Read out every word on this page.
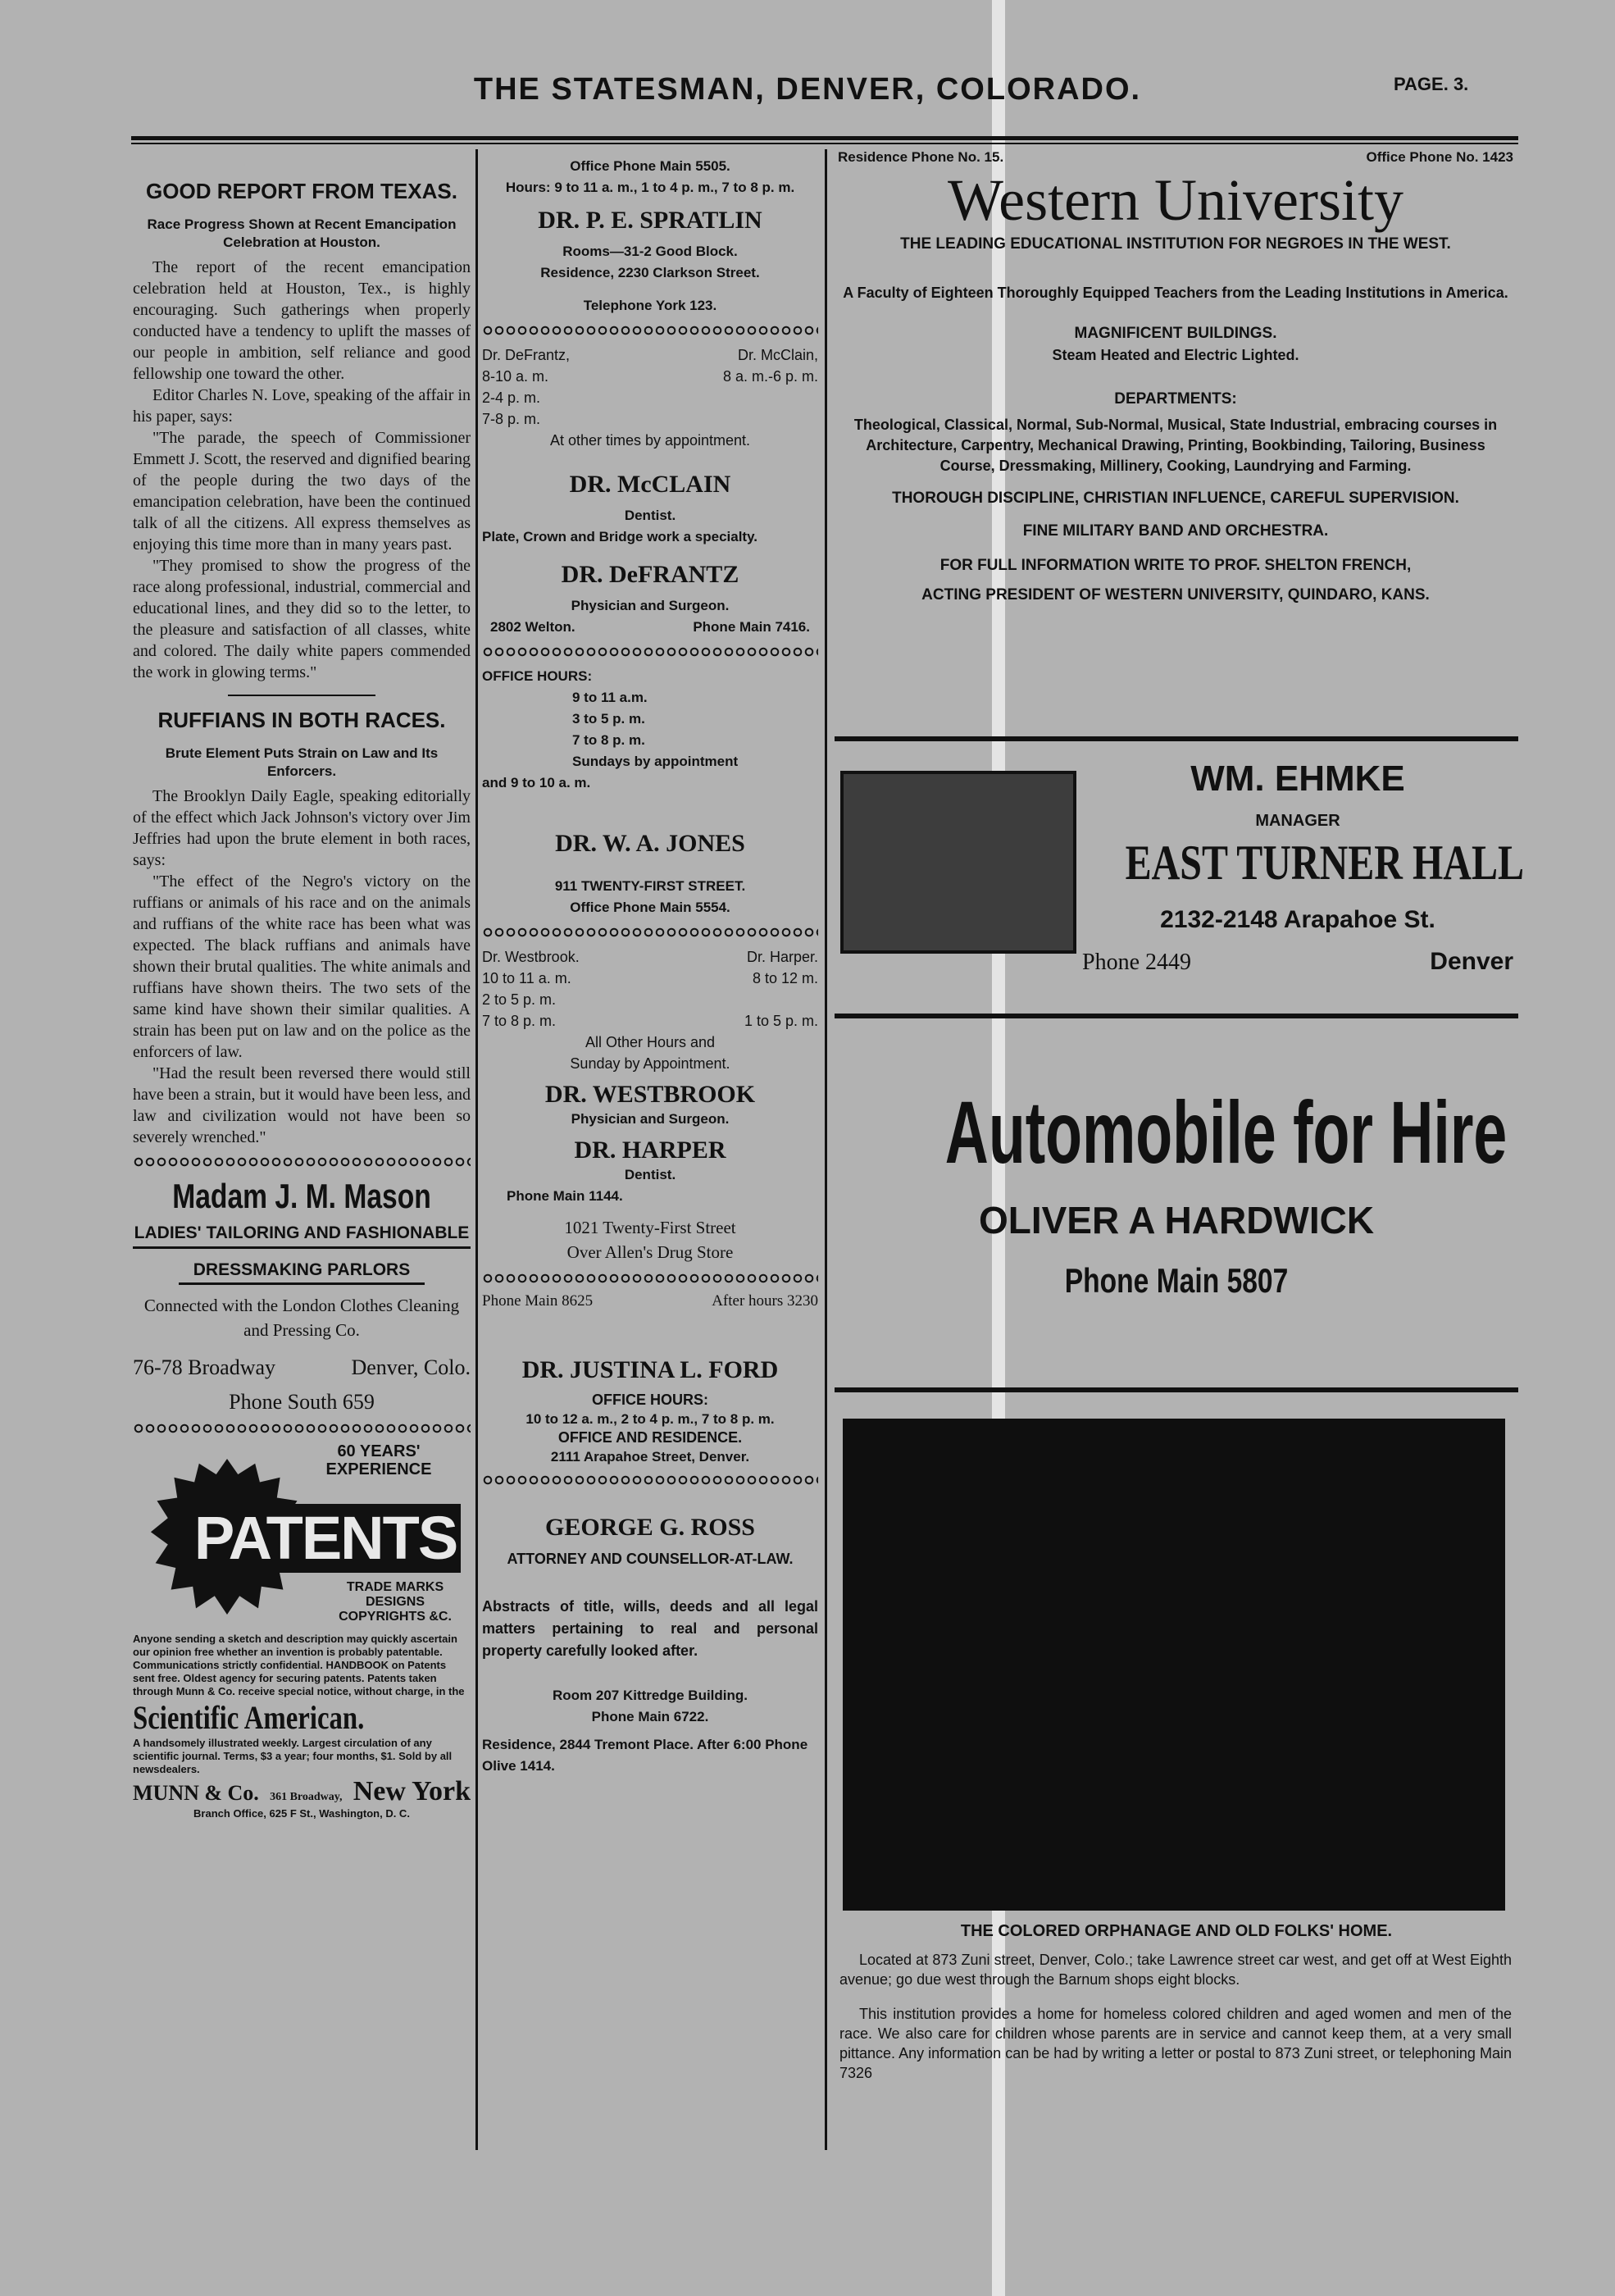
THE STATESMAN, DENVER, COLORADO.	PAGE. 3.
GOOD REPORT FROM TEXAS.

Race Progress Shown at Recent Emancipation Celebration at Houston.

The report of the recent emancipation celebration held at Houston, Tex., is highly encouraging. Such gatherings when properly conducted have a tendency to uplift the masses of our people in ambition, self reliance and good fellowship one toward the other.

Editor Charles N. Love, speaking of the affair in his paper, says:

"The parade, the speech of Commissioner Emmett J. Scott, the reserved and dignified bearing of the people during the two days of the emancipation celebration, have been the continued talk of all the citizens. All express themselves as enjoying this time more than in many years past.

"They promised to show the progress of the race along professional, industrial, commercial and educational lines, and they did so to the letter, to the pleasure and satisfaction of all classes, white and colored. The daily white papers commended the work in glowing terms."

RUFFIANS IN BOTH RACES.

Brute Element Puts Strain on Law and Its Enforcers.

The Brooklyn Daily Eagle, speaking editorially of the effect which Jack Johnson's victory over Jim Jeffries had upon the brute element in both races, says:

"The effect of the Negro's victory on the ruffians or animals of his race and on the animals and ruffians of the white race has been what was expected. The black ruffians and animals have shown their brutal qualities. The white animals and ruffians have shown theirs. The two sets of the same kind have shown their similar qualities. A strain has been put on law and on the police as the enforcers of law.

"Had the result been reversed there would still have been a strain, but it would have been less, and law and civilization would not have been so severely wrenched."

Madam J. M. Mason
LADIES' TAILORING AND FASHIONABLE
DRESSMAKING PARLORS
Connected with the London Clothes Cleaning and Pressing Co.
76-78 Broadway	Denver, Colo.
Phone South 659
60 YEARS' EXPERIENCE
PATENTS
TRADE MARKS
DESIGNS
COPYRIGHTS &C.
Anyone sending a sketch and description may quickly ascertain our opinion free whether an invention is probably patentable. Communications strictly confidential. HANDBOOK on Patents sent free. Oldest agency for securing patents. Patents taken through Munn & Co. receive special notice, without charge, in the
Scientific American.
A handsomely illustrated weekly. Largest circulation of any scientific journal. Terms, $3 a year; four months, $1. Sold by all newsdealers.
MUNN & Co. 361 Broadway, New York
Branch Office, 625 F St., Washington, D. C.
Office Phone Main 5505.
Hours: 9 to 11 a. m., 1 to 4 p. m., 7 to 8 p. m.
DR. P. E. SPRATLIN
Rooms—31-2 Good Block.
Residence, 2230 Clarkson Street.
Telephone York 123.
Dr. DeFrantz,	Dr. McClain,
8-10 a. m.	8 a. m.-6 p. m.
2-4 p. m.
7-8 p. m.
At other times by appointment.
DR. McCLAIN
Dentist.
Plate, Crown and Bridge work a specialty.
DR. DeFRANTZ
Physician and Surgeon.
2802 Welton.	Phone Main 7416.
OFFICE HOURS:
9 to 11 a.m.
3 to 5 p. m.
7 to 8 p. m.
Sundays by appointment
and 9 to 10 a. m.
DR. W. A. JONES
911 TWENTY-FIRST STREET.
Office Phone Main 5554.
Dr. Westbrook.	Dr. Harper.
10 to 11 a. m.	8 to 12 m.
2 to 5 p. m.
7 to 8 p. m.	1 to 5 p. m.
All Other Hours and
Sunday by Appointment.
DR. WESTBROOK
Physician and Surgeon.
DR. HARPER
Dentist.
Phone Main 1144.
1021 Twenty-First Street
Over Allen's Drug Store
Phone Main 8625	After hours 3230
DR. JUSTINA L. FORD
OFFICE HOURS:
10 to 12 a. m., 2 to 4 p. m., 7 to 8 p. m.
OFFICE AND RESIDENCE.
2111 Arapahoe Street, Denver.
GEORGE G. ROSS
ATTORNEY AND COUNSELLOR-AT-LAW.
Abstracts of title, wills, deeds and all legal matters pertaining to real and personal property carefully looked after.
Room 207 Kittredge Building.
Phone Main 6722.
Residence, 2844 Tremont Place. After 6:00 Phone Olive 1414.
Residence Phone No. 15.	Office Phone No. 1423
Western University
THE LEADING EDUCATIONAL INSTITUTION FOR NEGROES IN THE WEST.
A Faculty of Eighteen Thoroughly Equipped Teachers from the Leading Institutions in America.
MAGNIFICENT BUILDINGS.
Steam Heated and Electric Lighted.
DEPARTMENTS:
Theological, Classical, Normal, Sub-Normal, Musical, State Industrial, embracing courses in Architecture, Carpentry, Mechanical Drawing, Printing, Bookbinding, Tailoring, Business Course, Dressmaking, Millinery, Cooking, Laundrying and Farming.
THOROUGH DISCIPLINE, CHRISTIAN INFLUENCE, CAREFUL SUPERVISION.
FINE MILITARY BAND AND ORCHESTRA.
FOR FULL INFORMATION WRITE TO PROF. SHELTON FRENCH,
ACTING PRESIDENT OF WESTERN UNIVERSITY, QUINDARO, KANS.
WM. EHMKE
MANAGER
EAST TURNER HALL
2132-2148 Arapahoe St.
Phone 2449	Denver
Automobile for Hire
OLIVER A HARDWICK
Phone Main 5807
THE COLORED ORPHANAGE AND OLD FOLKS' HOME.

Located at 873 Zuni street, Denver, Colo.; take Lawrence street car west, and get off at West Eighth avenue; go due west through the Barnum shops eight blocks.

This institution provides a home for homeless colored children and aged women and men of the race. We also care for children whose parents are in service and cannot keep them, at a very small pittance. Any information can be had by writing a letter or postal to 873 Zuni street, or telephoning Main 7326
